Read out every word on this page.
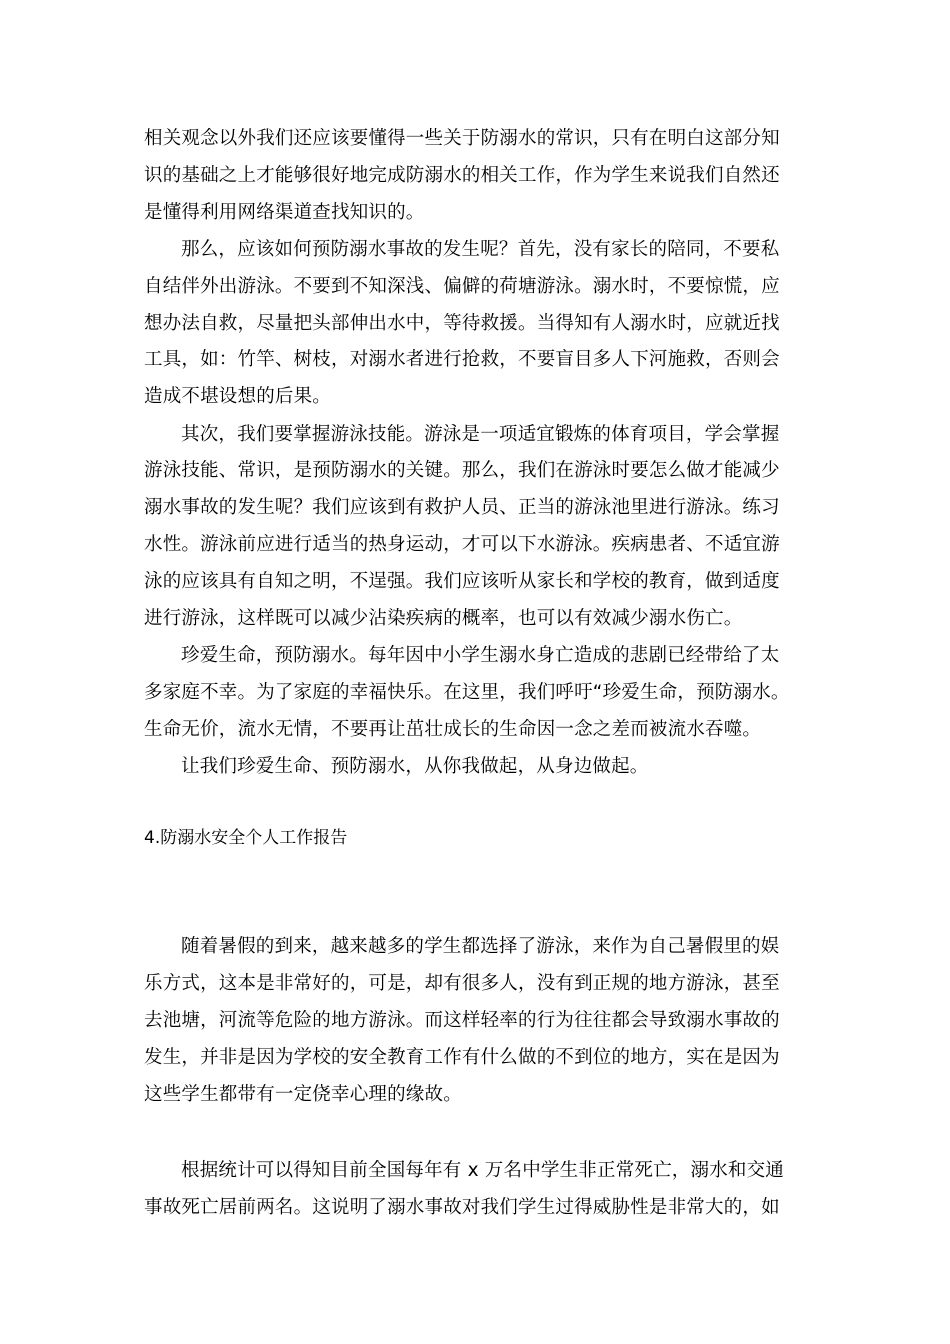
相关观念以外我们还应该要懂得一些关于防溺水的常识，只有在明白这部分知
识的基础之上才能够很好地完成防溺水的相关工作，作为学生来说我们自然还
是懂得利用网络渠道查找知识的。
那么，应该如何预防溺水事故的发生呢？首先，没有家长的陪同，不要私
自结伴外出游泳。不要到不知深浅、偏僻的荷塘游泳。溺水时，不要惊慌，应
想办法自救，尽量把头部伸出水中，等待救援。当得知有人溺水时，应就近找
工具，如：竹竿、树枝，对溺水者进行抢救，不要盲目多人下河施救，否则会
造成不堪设想的后果。
其次，我们要掌握游泳技能。游泳是一项适宜锻炼的体育项目，学会掌握
游泳技能、常识，是预防溺水的关键。那么，我们在游泳时要怎么做才能减少
溺水事故的发生呢？我们应该到有救护人员、正当的游泳池里进行游泳。练习
水性。游泳前应进行适当的热身运动，才可以下水游泳。疾病患者、不适宜游
泳的应该具有自知之明，不逞强。我们应该听从家长和学校的教育，做到适度
进行游泳，这样既可以减少沾染疾病的概率，也可以有效减少溺水伤亡。
珍爱生命，预防溺水。每年因中小学生溺水身亡造成的悲剧已经带给了太
多家庭不幸。为了家庭的幸福快乐。在这里，我们呼吁“珍爱生命，预防溺水。
生命无价，流水无情，不要再让茁壮成长的生命因一念之差而被流水吞噬。
让我们珍爱生命、预防溺水，从你我做起，从身边做起。
4.防溺水安全个人工作报告
随着暑假的到来，越来越多的学生都选择了游泳，来作为自己暑假里的娱
乐方式，这本是非常好的，可是，却有很多人，没有到正规的地方游泳，甚至
去池塘，河流等危险的地方游泳。而这样轻率的行为往往都会导致溺水事故的
发生，并非是因为学校的安全教育工作有什么做的不到位的地方，实在是因为
这些学生都带有一定侥幸心理的缘故。
根据统计可以得知目前全国每年有 x 万名中学生非正常死亡，溺水和交通
事故死亡居前两名。这说明了溺水事故对我们学生过得威胁性是非常大的，如
